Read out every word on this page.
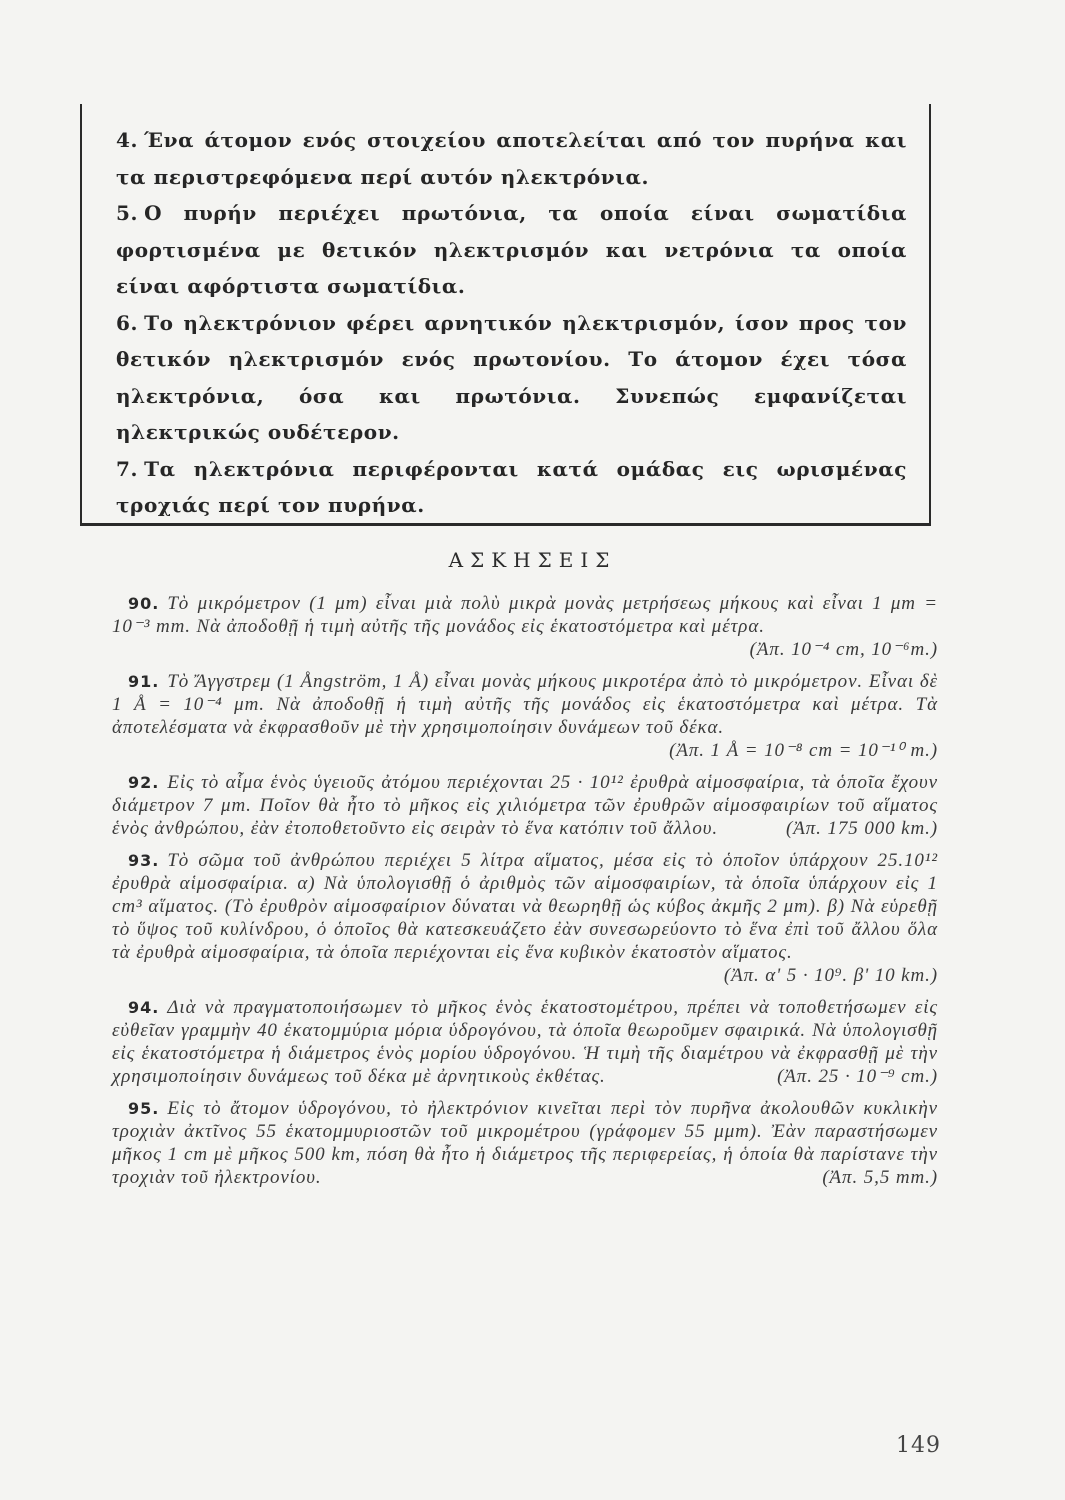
4. Ένα άτομον ενός στοιχείου αποτελείται από τον πυρήνα και τα περιστρεφόμενα περί αυτόν ηλεκτρόνια.

5. Ο πυρήν περιέχει πρωτόνια, τα οποία είναι σωματίδια φορτισμένα με θετικόν ηλεκτρισμόν και νετρόνια τα οποία είναι αφόρτιστα σωματίδια.

6. Το ηλεκτρόνιον φέρει αρνητικόν ηλεκτρισμόν, ίσον προς τον θετικόν ηλεκτρισμόν ενός πρωτονίου. Το άτομον έχει τόσα ηλεκτρόνια, όσα και πρωτόνια. Συνεπώς εμφανίζεται ηλεκτρικώς ουδέτερον.

7. Τα ηλεκτρόνια περιφέρονται κατά ομάδας εις ωρισμένας τροχιάς περί τον πυρήνα.

ΑΣΚΗΣΕΙΣ

90. Τὸ μικρόμετρον (1 μm) εἶναι μιὰ πολὺ μικρὰ μονὰς μετρήσεως μήκους καὶ εἶναι 1 μm = 10⁻³ mm. Νὰ ἀποδοθῇ ἡ τιμὴ αὐτῆς τῆς μονάδος εἰς ἑκατοστόμετρα καὶ μέτρα.
(Ἀπ. 10⁻⁴ cm, 10⁻⁶m.)

91. Τὸ Ἄγγστρεμ (1 Ångström, 1 Å) εἶναι μονὰς μήκους μικροτέρα ἀπὸ τὸ μικρόμετρον. Εἶναι δὲ 1 Å = 10⁻⁴ μm. Νὰ ἀποδοθῇ ἡ τιμὴ αὐτῆς τῆς μονάδος εἰς ἑκατοστόμετρα καὶ μέτρα. Τὰ ἀποτελέσματα νὰ ἐκφρασθοῦν μὲ τὴν χρησιμοποίησιν δυνάμεων τοῦ δέκα.
(Ἀπ. 1 Å = 10⁻⁸ cm = 10⁻¹⁰ m.)

92. Εἰς τὸ αἷμα ἑνὸς ὑγειοῦς ἀτόμου περιέχονται 25 · 10¹² ἐρυθρὰ αἱμοσφαίρια, τὰ ὁποῖα ἔχουν διάμετρον 7 μm. Ποῖον θὰ ἦτο τὸ μῆκος εἰς χιλιόμετρα τῶν ἐρυθρῶν αἱμοσφαιρίων τοῦ αἵματος ἑνὸς ἀνθρώπου, ἐὰν ἐτοποθετοῦντο εἰς σειρὰν τὸ ἕνα κατόπιν τοῦ ἄλλου.	(Ἀπ. 175 000 km.)

93. Τὸ σῶμα τοῦ ἀνθρώπου περιέχει 5 λίτρα αἵματος, μέσα εἰς τὸ ὁποῖον ὑπάρχουν 25.10¹² ἐρυθρὰ αἱμοσφαίρια. α) Νὰ ὑπολογισθῇ ὁ ἀριθμὸς τῶν αἱμοσφαιρίων, τὰ ὁποῖα ὑπάρχουν εἰς 1 cm³ αἵματος. (Τὸ ἐρυθρὸν αἱμοσφαίριον δύναται νὰ θεωρηθῇ ὡς κύβος ἀκμῆς 2 μm). β) Νὰ εὑρεθῇ τὸ ὕψος τοῦ κυλίνδρου, ὁ ὁποῖος θὰ κατεσκευάζετο ἐὰν συνεσωρεύοντο τὸ ἕνα ἐπὶ τοῦ ἄλλου ὅλα τὰ ἐρυθρὰ αἱμοσφαίρια, τὰ ὁποῖα περιέχονται εἰς ἕνα κυβικὸν ἑκατοστὸν αἵματος.
(Ἀπ. α' 5 · 10⁹. β' 10 km.)

94. Διὰ νὰ πραγματοποιήσωμεν τὸ μῆκος ἑνὸς ἑκατοστομέτρου, πρέπει νὰ τοποθετήσωμεν εἰς εὐθεῖαν γραμμὴν 40 ἑκατομμύρια μόρια ὑδρογόνου, τὰ ὁποῖα θεωροῦμεν σφαιρικά. Νὰ ὑπολογισθῇ εἰς ἑκατοστόμετρα ἡ διάμετρος ἑνὸς μορίου ὑδρογόνου. Ἡ τιμὴ τῆς διαμέτρου νὰ ἐκφρασθῇ μὲ τὴν χρησιμοποίησιν δυνάμεως τοῦ δέκα μὲ ἀρνητικοὺς ἐκθέτας.	(Ἀπ. 25 · 10⁻⁹ cm.)

95. Εἰς τὸ ἄτομον ὑδρογόνου, τὸ ἠλεκτρόνιον κινεῖται περὶ τὸν πυρῆνα ἀκολουθῶν κυκλικὴν τροχιὰν ἀκτῖνος 55 ἑκατομμυριοστῶν τοῦ μικρομέτρου (γράφομεν 55 μμm). Ἐὰν παραστήσωμεν μῆκος 1 cm μὲ μῆκος 500 km, πόση θὰ ἦτο ἡ διάμετρος τῆς περιφερείας, ἡ ὁποία θὰ παρίστανε τὴν τροχιὰν τοῦ ἠλεκτρονίου.	(Ἀπ. 5,5 mm.)

149
